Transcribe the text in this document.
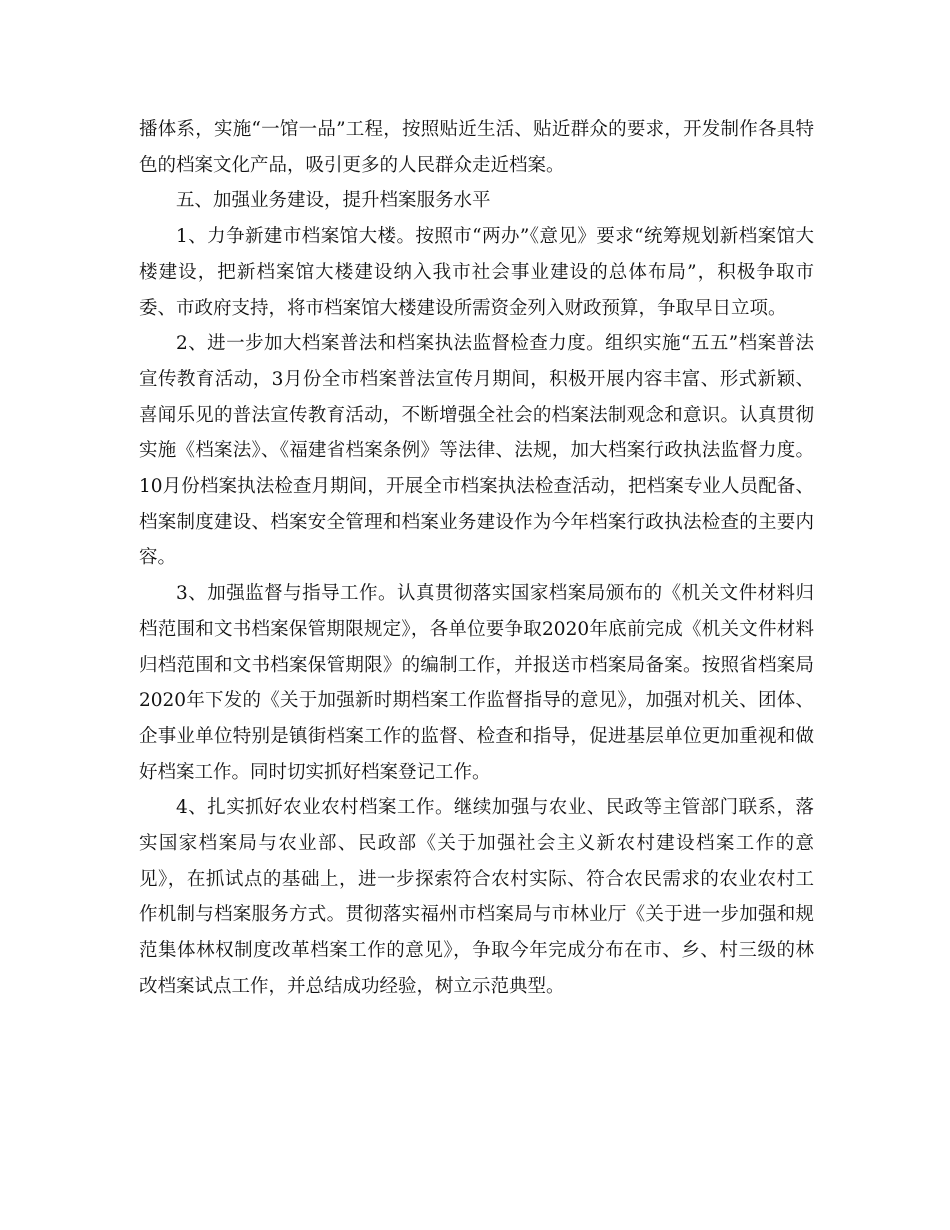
播体系，实施“一馆一品”工程，按照贴近生活、贴近群众的要求，开发制作各具特色的档案文化产品，吸引更多的人民群众走近档案。

五、加强业务建设，提升档案服务水平

1、力争新建市档案馆大楼。按照市“两办”《意见》要求“统筹规划新档案馆大楼建设，把新档案馆大楼建设纳入我市社会事业建设的总体布局”，积极争取市委、市政府支持，将市档案馆大楼建设所需资金列入财政预算，争取早日立项。

2、进一步加大档案普法和档案执法监督检查力度。组织实施“五五”档案普法宣传教育活动，3月份全市档案普法宣传月期间，积极开展内容丰富、形式新颖、喜闻乐见的普法宣传教育活动，不断增强全社会的档案法制观念和意识。认真贯彻实施《档案法》、《福建省档案条例》等法律、法规，加大档案行政执法监督力度。10月份档案执法检查月期间，开展全市档案执法检查活动，把档案专业人员配备、档案制度建设、档案安全管理和档案业务建设作为今年档案行政执法检查的主要内容。

3、加强监督与指导工作。认真贯彻落实国家档案局颁布的《机关文件材料归档范围和文书档案保管期限规定》，各单位要争取2020年底前完成《机关文件材料归档范围和文书档案保管期限》的编制工作，并报送市档案局备案。按照省档案局2020年下发的《关于加强新时期档案工作监督指导的意见》，加强对机关、团体、企事业单位特别是镇街档案工作的监督、检查和指导，促进基层单位更加重视和做好档案工作。同时切实抓好档案登记工作。

4、扎实抓好农业农村档案工作。继续加强与农业、民政等主管部门联系，落实国家档案局与农业部、民政部《关于加强社会主义新农村建设档案工作的意见》，在抓试点的基础上，进一步探索符合农村实际、符合农民需求的农业农村工作机制与档案服务方式。贯彻落实福州市档案局与市林业厅《关于进一步加强和规范集体林权制度改革档案工作的意见》，争取今年完成分布在市、乡、村三级的林改档案试点工作，并总结成功经验，树立示范典型。
